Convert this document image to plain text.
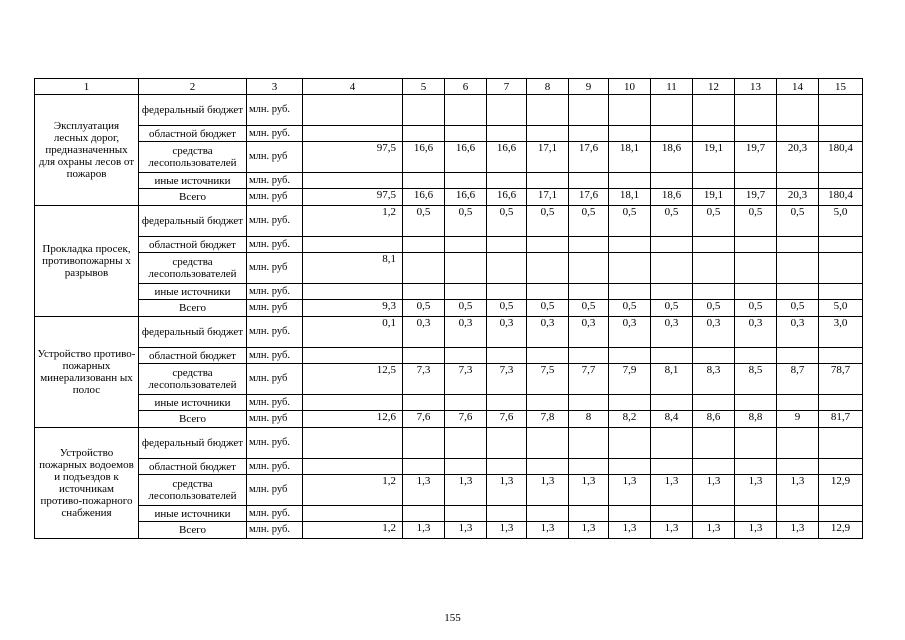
1	2	3	4	5	6	7	8	9	10	11	12	13	14	15
Эксплуатация лесных дорог, предназначенных для охраны лесов от пожаров	федеральный бюджет	млн. руб.												
	областной бюджет	млн. руб.												
	средства лесопользователей	млн. руб	97,5	16,6	16,6	16,6	17,1	17,6	18,1	18,6	19,1	19,7	20,3	180,4
	иные источники	млн. руб.												
	Всего	млн. руб	97,5	16,6	16,6	16,6	17,1	17,6	18,1	18,6	19,1	19,7	20,3	180,4
Прокладка просек, противопожарны х разрывов	федеральный бюджет	млн. руб.	1,2	0,5	0,5	0,5	0,5	0,5	0,5	0,5	0,5	0,5	0,5	5,0
	областной бюджет	млн. руб.												
	средства лесопользователей	млн. руб	8,1											
	иные источники	млн. руб.												
	Всего	млн. руб	9,3	0,5	0,5	0,5	0,5	0,5	0,5	0,5	0,5	0,5	0,5	5,0
Устройство противо-пожарных минерализованн ых полос	федеральный бюджет	млн. руб.	0,1	0,3	0,3	0,3	0,3	0,3	0,3	0,3	0,3	0,3	0,3	3,0
	областной бюджет	млн. руб.												
	средства лесопользователей	млн. руб	12,5	7,3	7,3	7,3	7,5	7,7	7,9	8,1	8,3	8,5	8,7	78,7
	иные источники	млн. руб.												
	Всего	млн. руб	12,6	7,6	7,6	7,6	7,8	8	8,2	8,4	8,6	8,8	9	81,7
Устройство пожарных водоемов и подъездов к источникам противо-пожарного снабжения	федеральный бюджет	млн. руб.												
	областной бюджет	млн. руб.												
	средства лесопользователей	млн. руб	1,2	1,3	1,3	1,3	1,3	1,3	1,3	1,3	1,3	1,3	1,3	12,9
	иные источники	млн. руб.												
	Всего	млн. руб.	1,2	1,3	1,3	1,3	1,3	1,3	1,3	1,3	1,3	1,3	1,3	12,9
155
